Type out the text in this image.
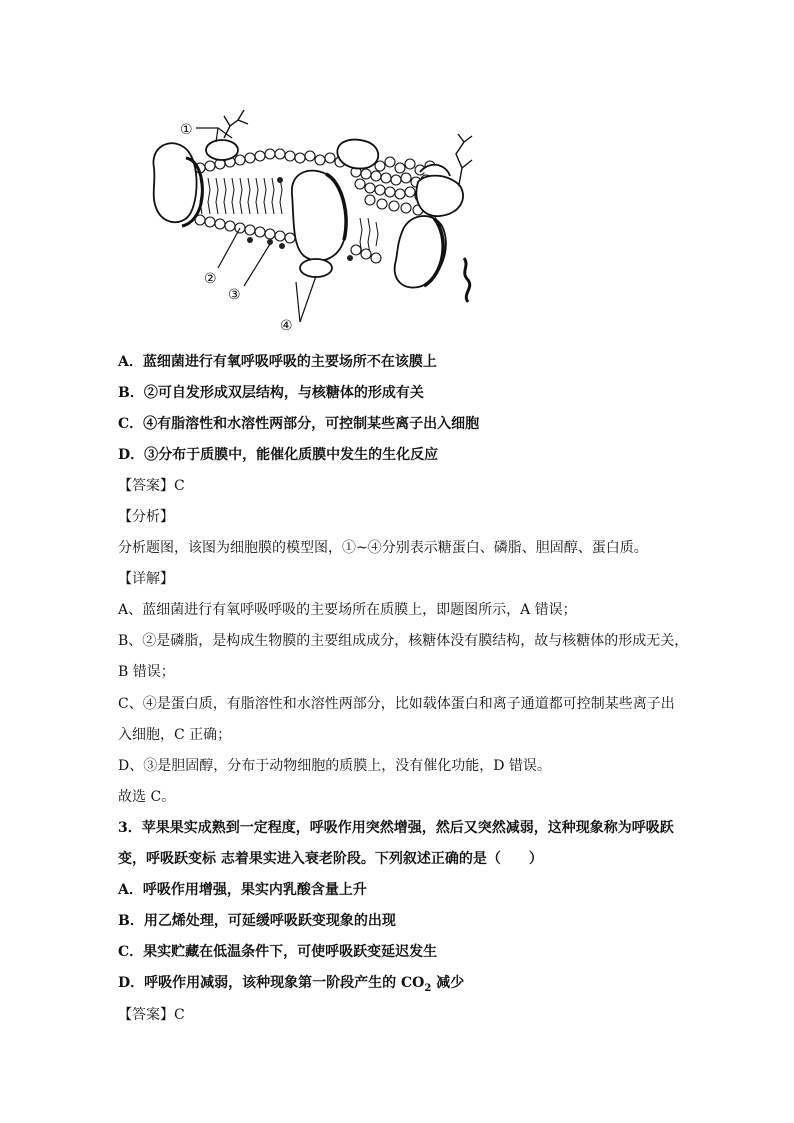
①
②
③
④
A．蓝细菌进行有氧呼吸呼吸的主要场所不在该膜上
B．②可自发形成双层结构，与核糖体的形成有关
C．④有脂溶性和水溶性两部分，可控制某些离子出入细胞
D．③分布于质膜中，能催化质膜中发生的生化反应
【答案】C
【分析】
分析题图，该图为细胞膜的模型图，①~④分别表示糖蛋白、磷脂、胆固醇、蛋白质。
【详解】
A、蓝细菌进行有氧呼吸呼吸的主要场所在质膜上，即题图所示，A 错误；
B、②是磷脂，是构成生物膜的主要组成成分，核糖体没有膜结构，故与核糖体的形成无关，
B 错误；
C、④是蛋白质，有脂溶性和水溶性两部分，比如载体蛋白和离子通道都可控制某些离子出
入细胞，C 正确；
D、③是胆固醇，分布于动物细胞的质膜上，没有催化功能，D 错误。
故选 C。
3．苹果果实成熟到一定程度，呼吸作用突然增强，然后又突然减弱，这种现象称为呼吸跃
变，呼吸跃变标 志着果实进入衰老阶段。下列叙述正确的是（　　）
A．呼吸作用增强，果实内乳酸含量上升
B．用乙烯处理，可延缓呼吸跃变现象的出现
C．果实贮藏在低温条件下，可使呼吸跃变延迟发生
D．呼吸作用减弱，该种现象第一阶段产生的 $CO_2$ 减少
【答案】C
